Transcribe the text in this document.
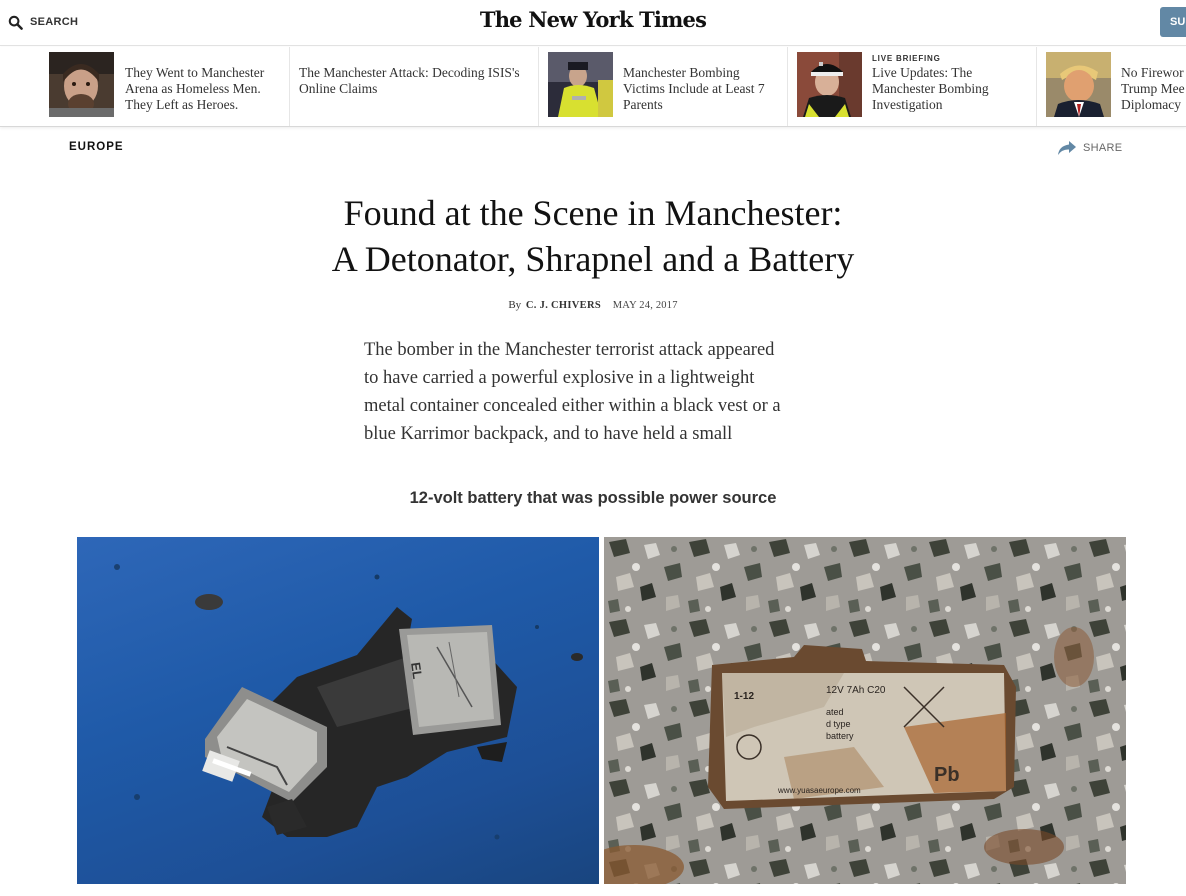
SEARCH	The New York Times	SU
They Went to Manchester
Arena as Homeless Men.
They Left as Heroes.
The Manchester Attack: Decoding ISIS's
Online Claims
Manchester Bombing
Victims Include at Least 7
Parents
LIVE BRIEFING
Live Updates: The
Manchester Bombing
Investigation
No Firewor
Trump Mee
Diplomacy
EUROPE	SHARE
Found at the Scene in Manchester:
A Detonator, Shrapnel and a Battery
By C. J. CHIVERS MAY 24, 2017

The bomber in the Manchester terrorist attack appeared

to have carried a powerful explosive in a lightweight

metal container concealed either within a black vest or a

blue Karrimor backpack, and to have held a small

12-volt battery that was possible power source
EL
1-12
12V 7Ah C20
ated
d type
battery
www.yuasaeurope.com
Pb
